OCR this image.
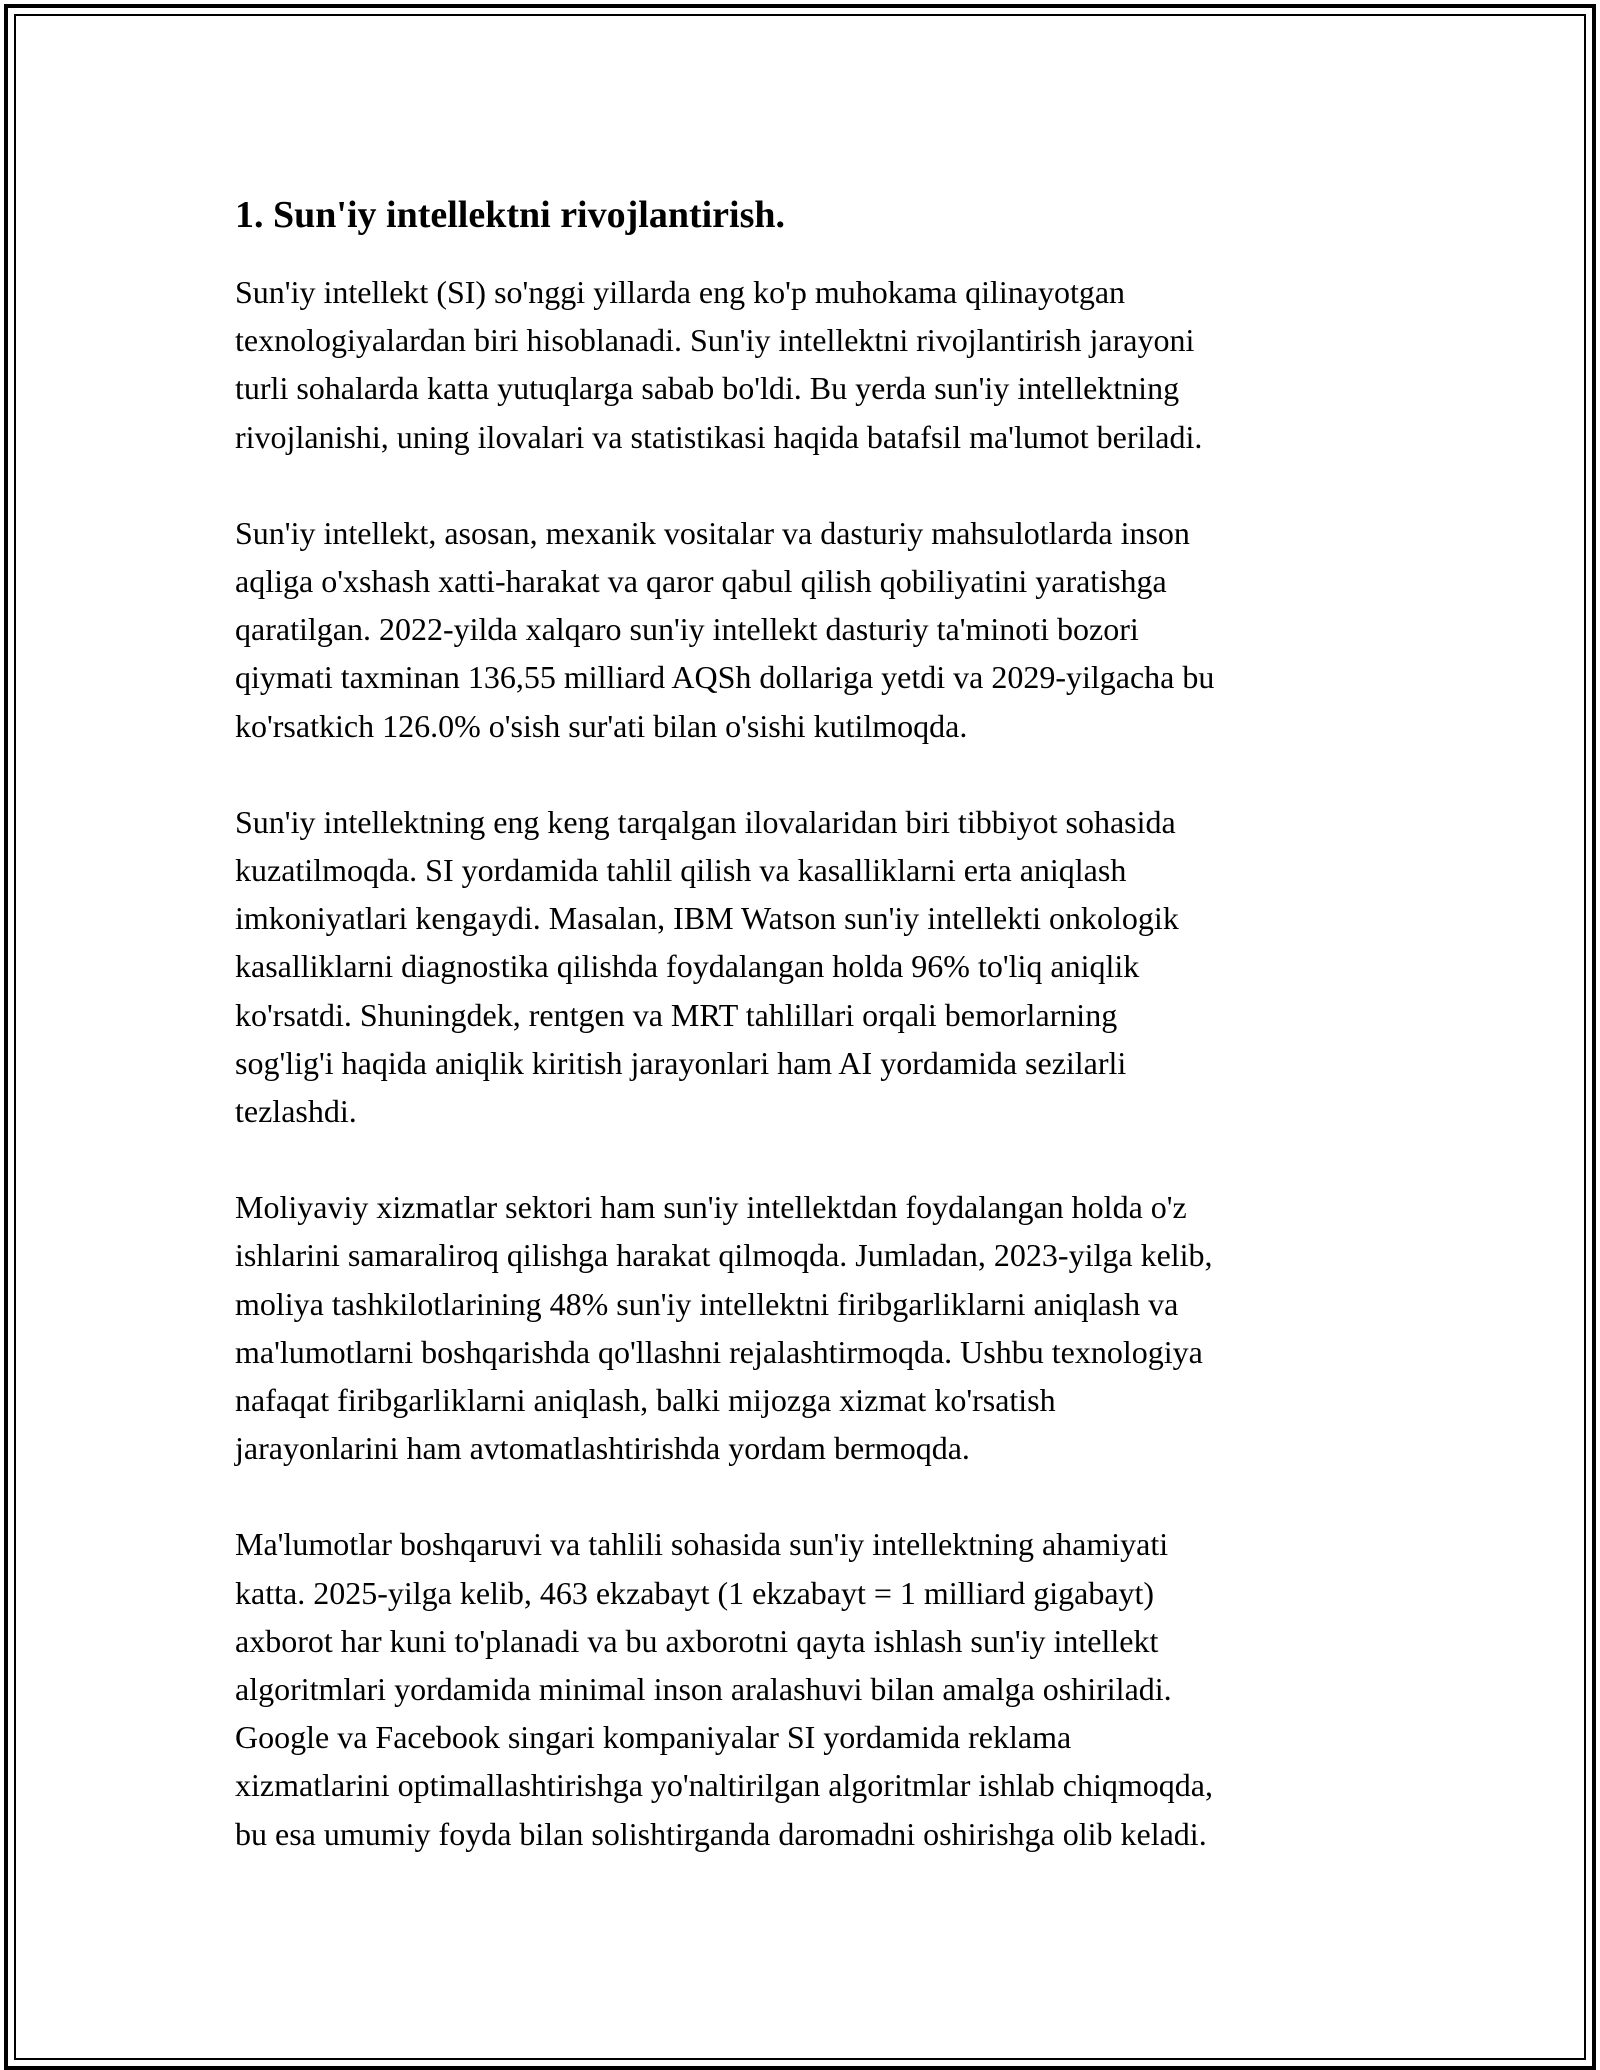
1. Sun'iy intellektni rivojlantirish.

Sun'iy intellekt (SI) so'nggi yillarda eng ko'p muhokama qilinayotgan
texnologiyalardan biri hisoblanadi. Sun'iy intellektni rivojlantirish jarayoni
turli sohalarda katta yutuqlarga sabab bo'ldi. Bu yerda sun'iy intellektning
rivojlanishi, uning ilovalari va statistikasi haqida batafsil ma'lumot beriladi.

Sun'iy intellekt, asosan, mexanik vositalar va dasturiy mahsulotlarda inson
aqliga o'xshash xatti-harakat va qaror qabul qilish qobiliyatini yaratishga
qaratilgan. 2022-yilda xalqaro sun'iy intellekt dasturiy ta'minoti bozori
qiymati taxminan 136,55 milliard AQSh dollariga yetdi va 2029-yilgacha bu
ko'rsatkich 126.0% o'sish sur'ati bilan o'sishi kutilmoqda.

Sun'iy intellektning eng keng tarqalgan ilovalaridan biri tibbiyot sohasida
kuzatilmoqda. SI yordamida tahlil qilish va kasalliklarni erta aniqlash
imkoniyatlari kengaydi. Masalan, IBM Watson sun'iy intellekti onkologik
kasalliklarni diagnostika qilishda foydalangan holda 96% to'liq aniqlik
ko'rsatdi. Shuningdek, rentgen va MRT tahlillari orqali bemorlarning
sog'lig'i haqida aniqlik kiritish jarayonlari ham AI yordamida sezilarli
tezlashdi.

Moliyaviy xizmatlar sektori ham sun'iy intellektdan foydalangan holda o'z
ishlarini samaraliroq qilishga harakat qilmoqda. Jumladan, 2023-yilga kelib,
moliya tashkilotlarining 48% sun'iy intellektni firibgarliklarni aniqlash va
ma'lumotlarni boshqarishda qo'llashni rejalashtirmoqda. Ushbu texnologiya
nafaqat firibgarliklarni aniqlash, balki mijozga xizmat ko'rsatish
jarayonlarini ham avtomatlashtirishda yordam bermoqda.

Ma'lumotlar boshqaruvi va tahlili sohasida sun'iy intellektning ahamiyati
katta. 2025-yilga kelib, 463 ekzabayt (1 ekzabayt = 1 milliard gigabayt)
axborot har kuni to'planadi va bu axborotni qayta ishlash sun'iy intellekt
algoritmlari yordamida minimal inson aralashuvi bilan amalga oshiriladi.
Google va Facebook singari kompaniyalar SI yordamida reklama
xizmatlarini optimallashtirishga yo'naltirilgan algoritmlar ishlab chiqmoqda,
bu esa umumiy foyda bilan solishtirganda daromadni oshirishga olib keladi.
